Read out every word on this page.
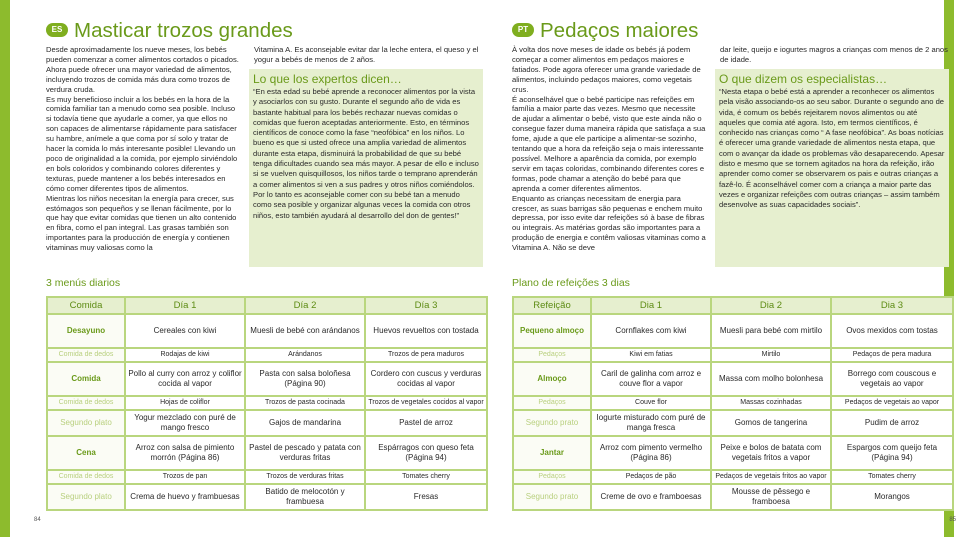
ES Masticar trozos grandes

Desde aproximadamente los nueve meses, los bebés pueden comenzar a comer alimentos cortados o picados. Ahora puede ofrecer una mayor variedad de alimentos, incluyendo trozos de comida más dura como trozos de verdura cruda.

Es muy beneficioso incluir a los bebés en la hora de la comida familiar tan a menudo como sea posible. Incluso si todavía tiene que ayudarle a comer, ya que ellos no son capaces de alimentarse rápidamente para satisfacer su hambre, anímele a que coma por sí solo y tratar de hacer la comida lo más interesante posible! Llevando un poco de originalidad a la comida, por ejemplo sirviéndolo en bols coloridos y combinando colores diferentes y texturas, puede mantener a los bebés interesados en cómo comer diferentes tipos de alimentos.

Mientras los niños necesitan la energía para crecer, sus estómagos son pequeños y se llenan fácilmente, por lo que hay que evitar comidas que tienen un alto contenido en fibra, como el pan integral. Las grasas también son importantes para la producción de energía y contienen vitaminas muy valiosas como la

Vitamina A. Es aconsejable evitar dar la leche entera, el queso y el yogur a bebés de menos de 2 años.

Lo que los expertos dicen…

“En esta edad su bebé aprende a reconocer alimentos por la vista y asociarlos con su gusto. Durante el segundo año de vida es bastante habitual para los bebés rechazar nuevas comidas o comidas que fueron aceptadas anteriormente. Esto, en términos científicos de conoce como la fase “neofóbica” en los niños. Lo bueno es que si usted ofrece una amplia variedad de alimentos durante esta etapa, disminuirá la probabilidad de que su bebé tenga dificultades cuando sea más mayor. A pesar de ello e incluso si se vuelven quisquillosos, los niños tarde o temprano aprenderán a comer alimentos si ven a sus padres y otros niños comiéndolos. Por lo tanto es aconsejable comer con su bebé tan a menudo como sea posible y organizar algunas veces la comida con otros niños, esto también ayudará al desarrollo del don de gentes!”

3 menús diarios
Comida	Día 1	Día 2	Día 3
Desayuno	Cereales con kiwi	Muesli de bebé con arándanos	Huevos revueltos con tostada
Comida de dedos	Rodajas de kiwi	Arándanos	Trozos de pera maduros
Comida	Pollo al curry con arroz y coliflor cocida al vapor	Pasta con salsa boloñesa (Página 90)	Cordero con cuscus y verduras cocidas al vapor
Comida de dedos	Hojas de coliflor	Trozos de pasta cocinada	Trozos de vegetales cocidos al vapor
Segundo plato	Yogur mezclado con puré de mango fresco	Gajos de mandarina	Pastel de arroz
Cena	Arroz con salsa de pimiento morrón (Página 86)	Pastel de pescado y patata con verduras fritas	Espárragos con queso feta (Página 94)
Comida de dedos	Trozos de pan	Trozos de verduras fritas	Tomates cherry
Segundo plato	Crema de huevo y frambuesas	Batido de melocotón y frambuesa	Fresas
84
PT Pedaços maiores

À volta dos nove meses de idade os bebés já podem começar a comer alimentos em pedaços maiores e fatiados. Pode agora oferecer uma grande variedade de alimentos, incluindo pedaços maiores, como vegetais crus.

É aconselhável que o bebé participe nas refeições em família a maior parte das vezes. Mesmo que necessite de ajudar a alimentar o bebé, visto que este ainda não o consegue fazer duma maneira rápida que satisfaça a sua fome, ajude a que ele participe a alimentar-se sozinho, tentando que a hora da refeição seja o mais interessante possível. Melhore a aparência da comida, por exemplo servir em taças coloridas, combinando diferentes cores e formas, pode chamar a atenção do bebé para que aprenda a comer diferentes alimentos.

Enquanto as crianças necessitam de energia para crescer, as suas barrigas são pequenas e enchem muito depressa, por isso evite dar refeições só à base de fibras ou integrais. As matérias gordas são importantes para a produção de energia e contêm valiosas vitaminas como a Vitamina A. Não se deve

dar leite, queijo e iogurtes magros a crianças com menos de 2 anos de idade.

O que dizem os especialistas…

“Nesta etapa o bebé está a aprender a reconhecer os alimentos pela visão associando-os ao seu sabor. Durante o segundo ano de vida, é comum os bebés rejeitarem novos alimentos ou até aqueles que comia até agora. Isto, em termos científicos, é conhecido nas crianças como “ A fase neofóbica”. As boas notícias é oferecer uma grande variedade de alimentos nesta etapa, que com o avançar da idade os problemas vão desaparecendo. Apesar disto e mesmo que se tornem agitados na hora da refeição, irão aprender como comer se observarem os pais e outras crianças a fazê-lo. É aconselhável comer com a criança a maior parte das vezes e organizar refeições com outras crianças – assim também desenvolve as suas capacidades sociais”.

Plano de refeições 3 dias
Refeição	Dia 1	Dia 2	Dia 3
Pequeno almoço	Cornflakes com kiwi	Muesli para bebé com mirtilo	Ovos mexidos com tostas
Pedaços	Kiwi em fatias	Mirtilo	Pedaços de pera madura
Almoço	Caril de galinha com arroz e couve flor a vapor	Massa com molho bolonhesa	Borrego com couscous e vegetais ao vapor
Pedaços	Couve flor	Massas cozinhadas	Pedaços de vegetais ao vapor
Segundo prato	Iogurte misturado com puré de manga fresca	Gomos de tangerina	Pudim de arroz
Jantar	Arroz com pimento vermelho (Página 86)	Peixe e bolos de batata com vegetais fritos a vapor	Espargos com queijo feta (Página 94)
Pedaços	Pedaços de pão	Pedaços de vegetais fritos ao vapor	Tomates cherry
Segundo prato	Creme de ovo e framboesas	Mousse de pêssego e framboesa	Morangos
85
